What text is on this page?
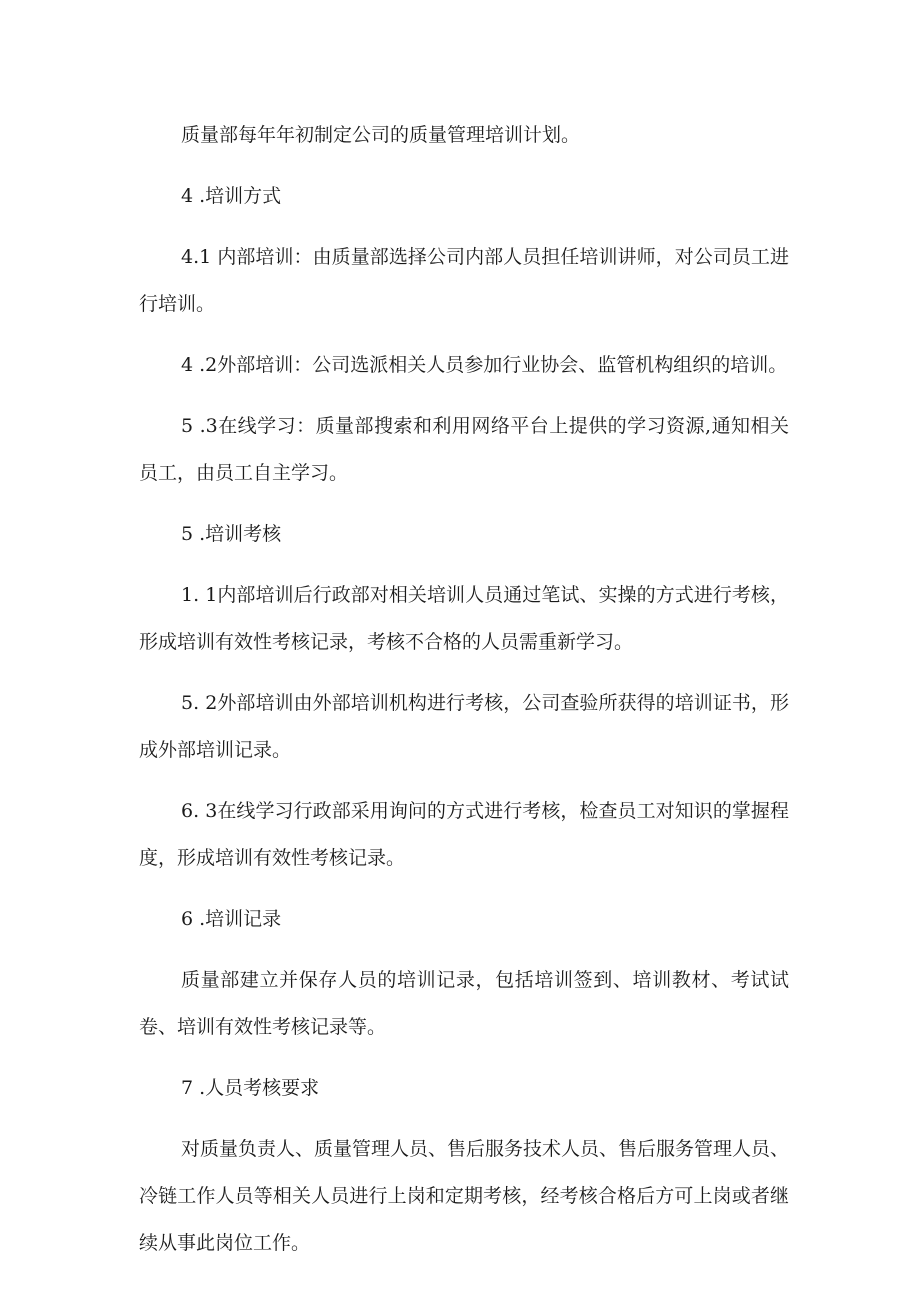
质量部每年年初制定公司的质量管理培训计划。

4 .培训方式

4.1 内部培训：由质量部选择公司内部人员担任培训讲师，对公司员工进行培训。

4 .2外部培训：公司选派相关人员参加行业协会、监管机构组织的培训。

5 .3在线学习：质量部搜索和利用网络平台上提供的学习资源,通知相关员工，由员工自主学习。

5 .培训考核

1. 1内部培训后行政部对相关培训人员通过笔试、实操的方式进行考核，形成培训有效性考核记录，考核不合格的人员需重新学习。

5. 2外部培训由外部培训机构进行考核，公司查验所获得的培训证书，形成外部培训记录。

6. 3在线学习行政部采用询问的方式进行考核，检查员工对知识的掌握程度，形成培训有效性考核记录。

6 .培训记录

质量部建立并保存人员的培训记录，包括培训签到、培训教材、考试试卷、培训有效性考核记录等。

7 .人员考核要求

对质量负责人、质量管理人员、售后服务技术人员、售后服务管理人员、冷链工作人员等相关人员进行上岗和定期考核，经考核合格后方可上岗或者继续从事此岗位工作。
